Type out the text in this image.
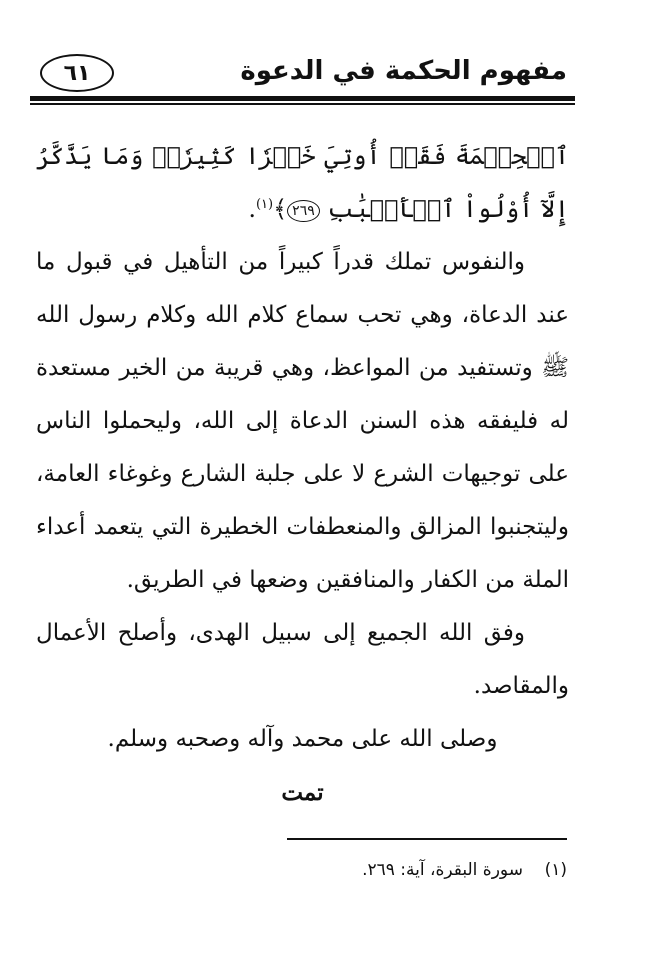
٦١	مفهوم الحكمة في الدعوة

ٱلۡحِكۡمَةَ فَقَدۡ أُوتِيَ خَيۡرٗا كَثِيرٗاۗ وَمَا يَذَّكَّرُ إِلَّآ أُوْلُواْ ٱلۡأَلۡبَٰبِ ٢٦٩﴾$^{(١)}$.

والنفوس تملك قدراً كبيراً من التأهيل في قبول ما عند الدعاة، وهي تحب سماع كلام الله وكلام رسول الله ﷺ وتستفيد من المواعظ، وهي قريبة من الخير مستعدة له فليفقه هذه السنن الدعاة إلى الله، وليحملوا الناس على توجيهات الشرع لا على جلبة الشارع وغوغاء العامة، وليتجنبوا المزالق والمنعطفات الخطيرة التي يتعمد أعداء الملة من الكفار والمنافقين وضعها في الطريق.

وفق الله الجميع إلى سبيل الهدى، وأصلح الأعمال والمقاصد.

وصلى الله على محمد وآله وصحبه وسلم.

تمت

(١)    سورة البقرة، آية: ٢٦٩.
